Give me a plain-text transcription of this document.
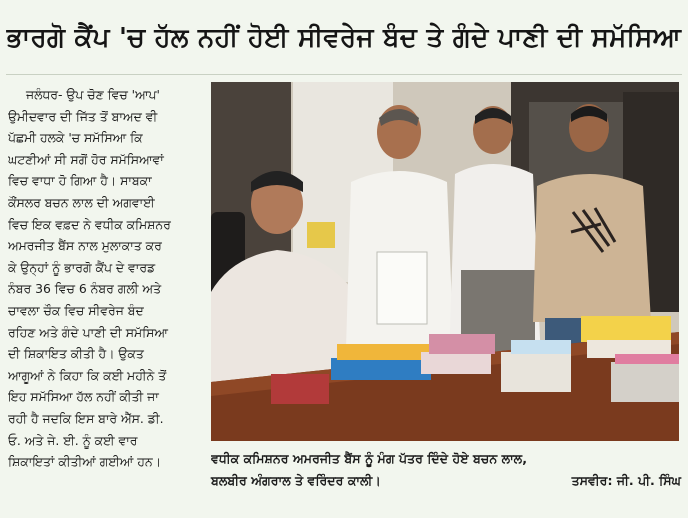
ਭਾਰਗੋ ਕੈਂਪ 'ਚ ਹੱਲ ਨਹੀਂ ਹੋਈ ਸੀਵਰੇਜ ਬੰਦ ਤੇ ਗੰਦੇ ਪਾਣੀ ਦੀ ਸਮੱਸਿਆ
ਜਲੰਧਰ- ਉਪ ਚੋਣ ਵਿਚ 'ਆਪ'
ਉਮੀਦਵਾਰ ਦੀ ਜਿੱਤ ਤੋਂ ਬਾਅਦ ਵੀ
ਪੱਛਮੀ ਹਲਕੇ 'ਚ ਸਮੱਸਿਆ ਕਿ
ਘਟਣੀਆਂ ਸੀ ਸਗੋਂ ਹੋਰ ਸਮੱਸਿਆਵਾਂ
ਵਿਚ ਵਾਧਾ ਹੋ ਗਿਆ ਹੈ। ਸਾਬਕਾ
ਕੌਂਸਲਰ ਬਚਨ ਲਾਲ ਦੀ ਅਗਵਾਈ
ਵਿਚ ਇਕ ਵਫ਼ਦ ਨੇ ਵਧੀਕ ਕਮਿਸ਼ਨਰ
ਅਮਰਜੀਤ ਬੈਂਸ ਨਾਲ ਮੁਲਾਕਾਤ ਕਰ
ਕੇ ਉਨ੍ਹਾਂ ਨੂੰ ਭਾਰਗੋ ਕੈਂਪ ਦੇ ਵਾਰਡ
ਨੰਬਰ 36 ਵਿਚ 6 ਨੰਬਰ ਗਲੀ ਅਤੇ
ਚਾਵਲਾ ਚੌਕ ਵਿਚ ਸੀਵਰੇਜ ਬੰਦ
ਰਹਿਣ ਅਤੇ ਗੰਦੇ ਪਾਣੀ ਦੀ ਸਮੱਸਿਆ
ਦੀ ਸ਼ਿਕਾਇਤ ਕੀਤੀ ਹੈ। ਉਕਤ
ਆਗੂਆਂ ਨੇ ਕਿਹਾ ਕਿ ਕਈ ਮਹੀਨੇ ਤੋਂ
ਇਹ ਸਮੱਸਿਆ ਹੱਲ ਨਹੀਂ ਕੀਤੀ ਜਾ
ਰਹੀ ਹੈ ਜਦਕਿ ਇਸ ਬਾਰੇ ਐੱਸ. ਡੀ.
ਓ. ਅਤੇ ਜੇ. ਈ. ਨੂੰ ਕਈ ਵਾਰ
ਸ਼ਿਕਾਇਤਾਂ ਕੀਤੀਆਂ ਗਈਆਂ ਹਨ।	ਵਧੀਕ ਕਮਿਸ਼ਨਰ ਅਮਰਜੀਤ ਬੈਂਸ ਨੂੰ ਮੰਗ ਪੱਤਰ ਦਿੰਦੇ ਹੋਏ ਬਚਨ ਲਾਲ,
ਬਲਬੀਰ ਅੰਗਰਾਲ ਤੇ ਵਰਿੰਦਰ ਕਾਲੀ।	ਤਸਵੀਰ: ਜੀ. ਪੀ. ਸਿੰਘ
